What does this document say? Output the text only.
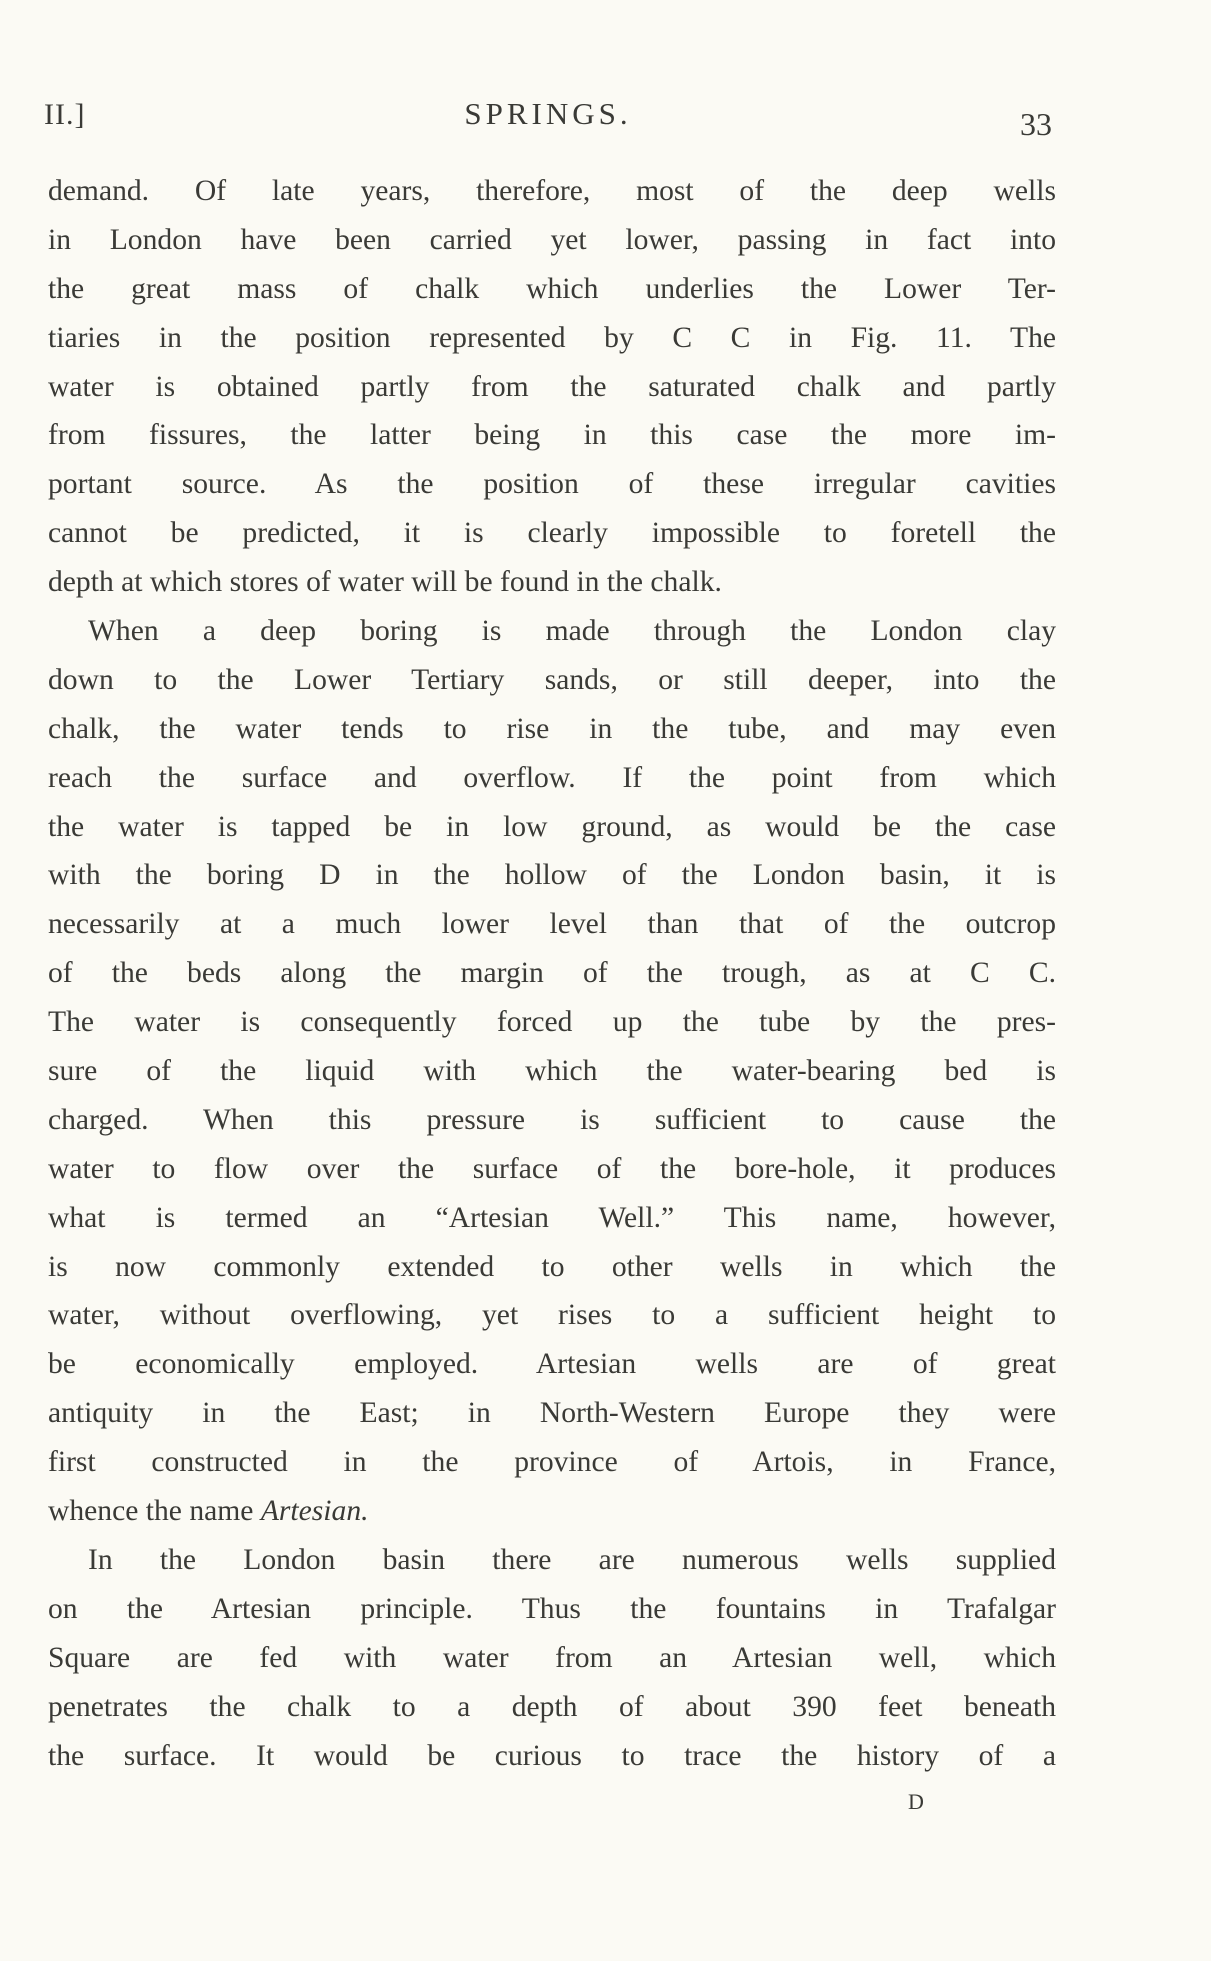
II.]	SPRINGS.	33
demand. Of late years, therefore, most of the deep wells
in London have been carried yet lower, passing in fact into
the great mass of chalk which underlies the Lower Ter-
tiaries in the position represented by C C in Fig. 11. The
water is obtained partly from the saturated chalk and partly
from fissures, the latter being in this case the more im-
portant source. As the position of these irregular cavities
cannot be predicted, it is clearly impossible to foretell the
depth at which stores of water will be found in the chalk.
When a deep boring is made through the London clay
down to the Lower Tertiary sands, or still deeper, into the
chalk, the water tends to rise in the tube, and may even
reach the surface and overflow. If the point from which
the water is tapped be in low ground, as would be the case
with the boring D in the hollow of the London basin, it is
necessarily at a much lower level than that of the outcrop
of the beds along the margin of the trough, as at C C.
The water is consequently forced up the tube by the pres-
sure of the liquid with which the water-bearing bed is
charged. When this pressure is sufficient to cause the
water to flow over the surface of the bore-hole, it produces
what is termed an “Artesian Well.” This name, however,
is now commonly extended to other wells in which the
water, without overflowing, yet rises to a sufficient height to
be economically employed. Artesian wells are of great
antiquity in the East; in North-Western Europe they were
first constructed in the province of Artois, in France,
whence the name Artesian.
In the London basin there are numerous wells supplied
on the Artesian principle. Thus the fountains in Trafalgar
Square are fed with water from an Artesian well, which
penetrates the chalk to a depth of about 390 feet beneath
the surface. It would be curious to trace the history of a
D
